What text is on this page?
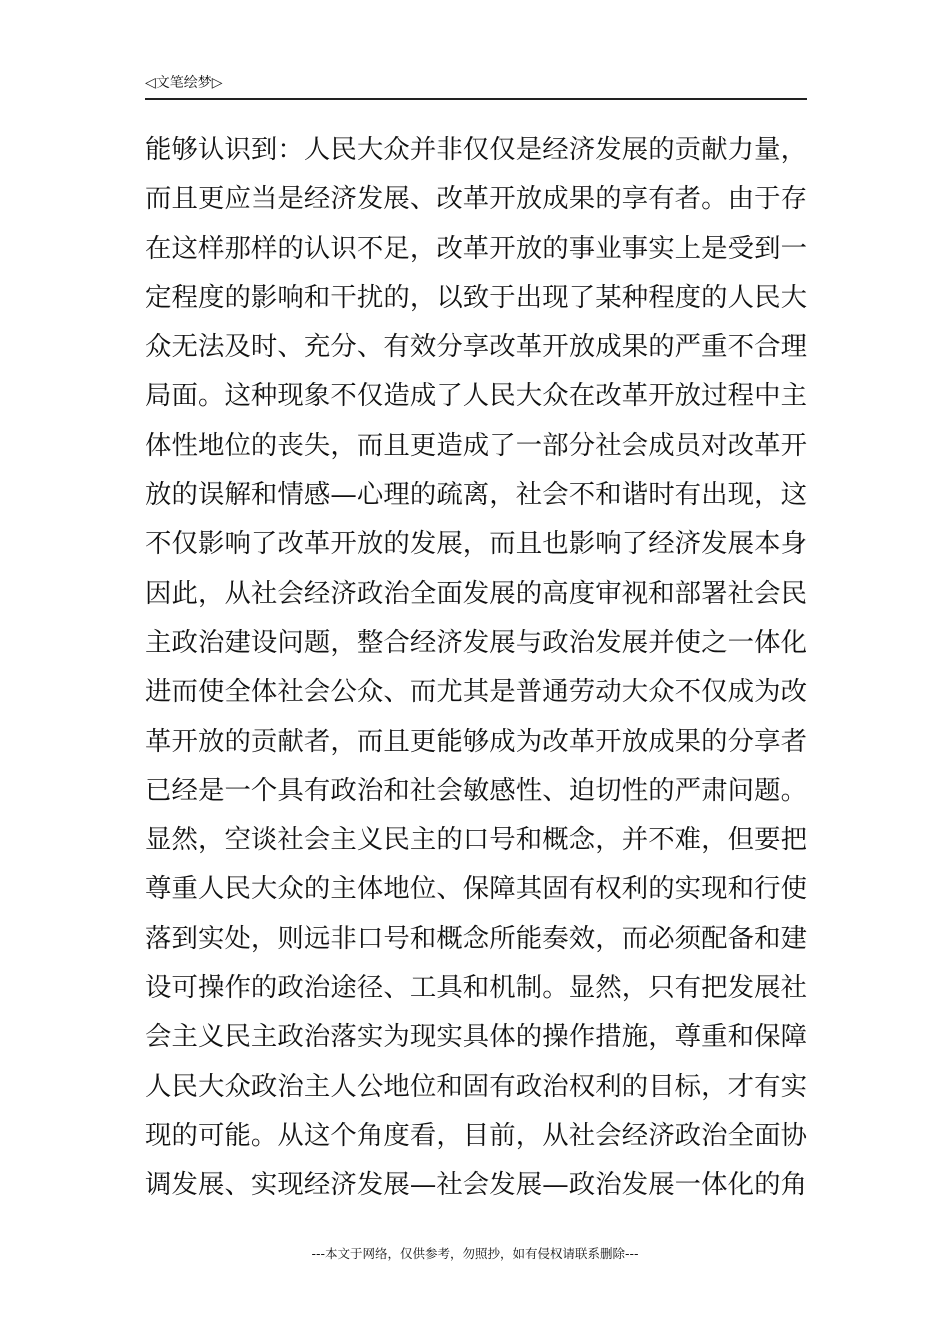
◁文笔绘梦▷
能够认识到：人民大众并非仅仅是经济发展的贡献力量，
而且更应当是经济发展、改革开放成果的享有者。由于存
在这样那样的认识不足，改革开放的事业事实上是受到一
定程度的影响和干扰的，以致于出现了某种程度的人民大
众无法及时、充分、有效分享改革开放成果的严重不合理
局面。这种现象不仅造成了人民大众在改革开放过程中主
体性地位的丧失，而且更造成了一部分社会成员对改革开
放的误解和情感—心理的疏离，社会不和谐时有出现，这
不仅影响了改革开放的发展，而且也影响了经济发展本身
因此，从社会经济政治全面发展的高度审视和部署社会民
主政治建设问题，整合经济发展与政治发展并使之一体化
进而使全体社会公众、而尤其是普通劳动大众不仅成为改
革开放的贡献者，而且更能够成为改革开放成果的分享者
已经是一个具有政治和社会敏感性、迫切性的严肃问题。
显然，空谈社会主义民主的口号和概念，并不难，但要把
尊重人民大众的主体地位、保障其固有权利的实现和行使
落到实处，则远非口号和概念所能奏效，而必须配备和建
设可操作的政治途径、工具和机制。显然，只有把发展社
会主义民主政治落实为现实具体的操作措施，尊重和保障
人民大众政治主人公地位和固有政治权利的目标，才有实
现的可能。从这个角度看，目前，从社会经济政治全面协
调发展、实现经济发展—社会发展—政治发展一体化的角
---本文于网络，仅供参考，勿照抄，如有侵权请联系删除---
